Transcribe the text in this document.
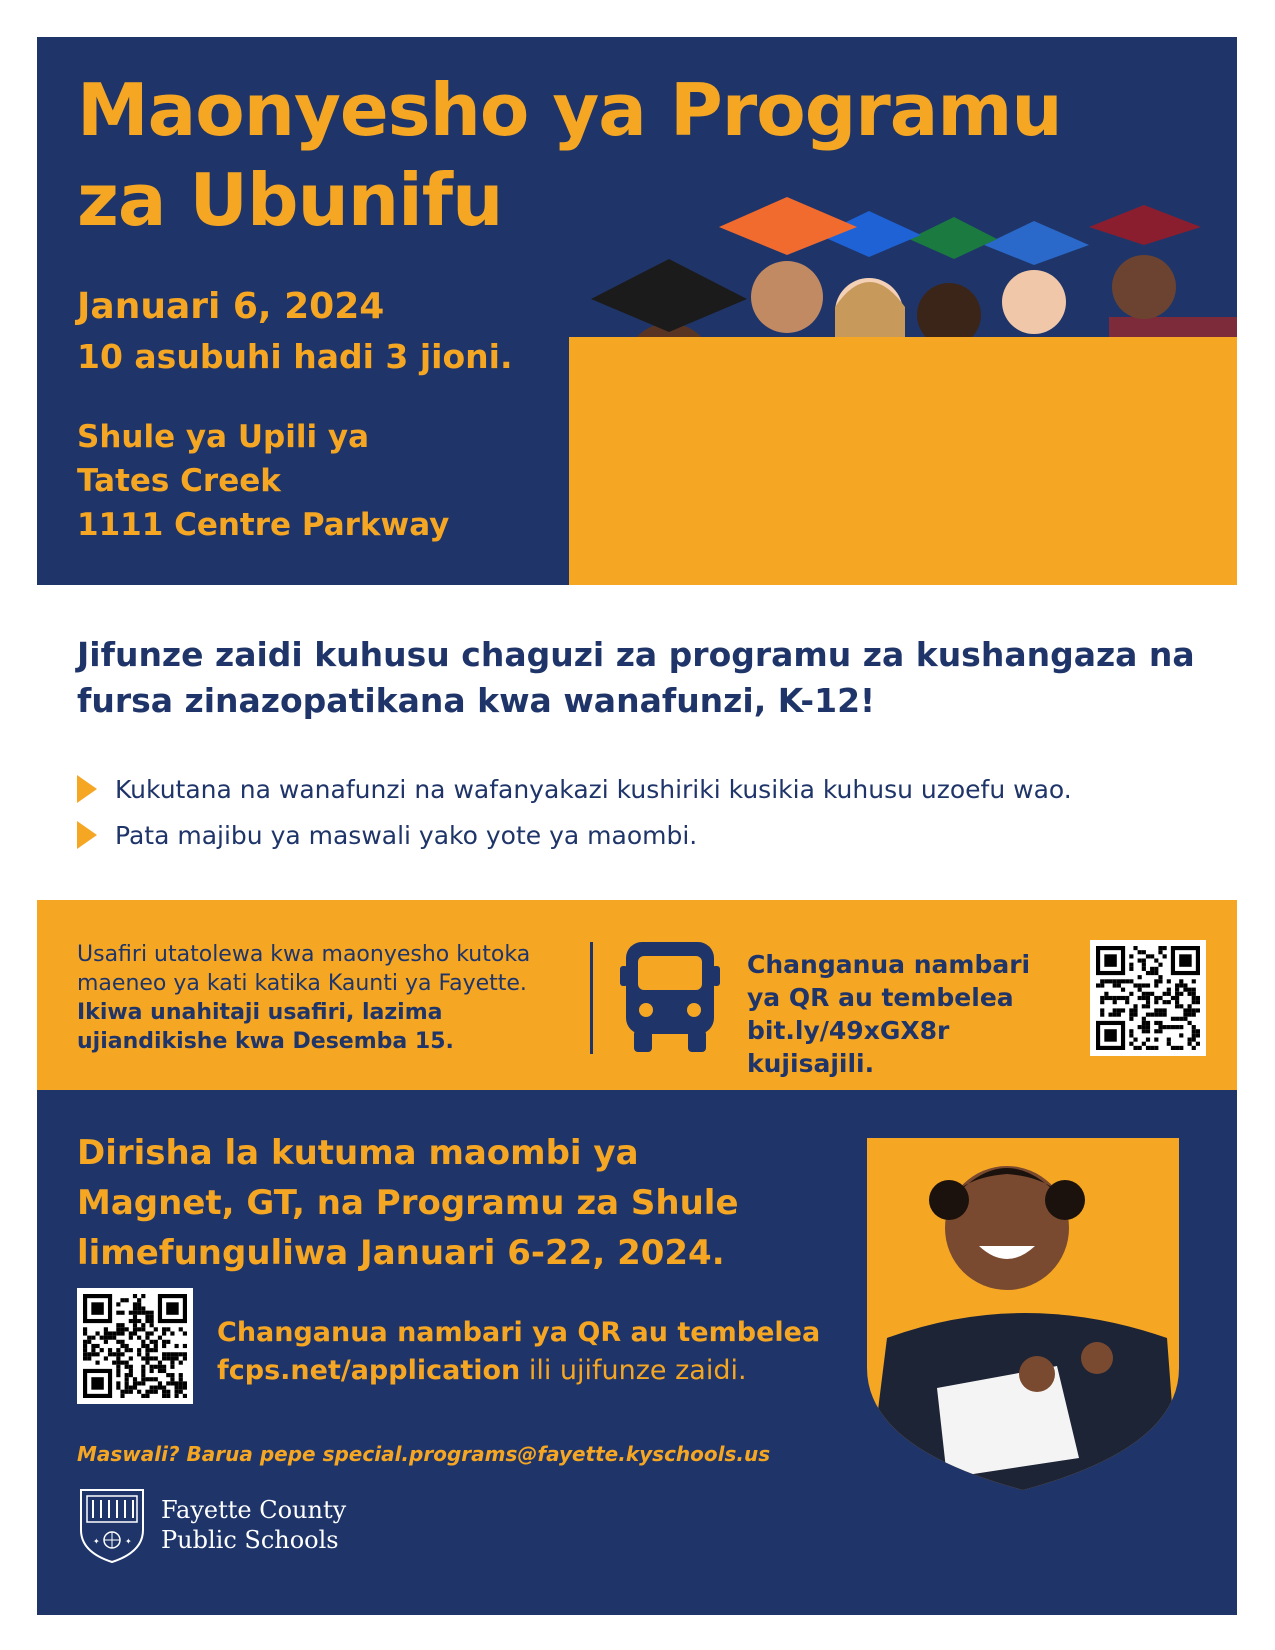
Maonyesho ya Programu
za Ubunifu
Januari 6, 2024
10 asubuhi hadi 3 jioni.
Shule ya Upili ya
Tates Creek
1111 Centre Parkway
Jifunze zaidi kuhusu chaguzi za programu za kushangaza na fursa zinazopatikana kwa wanafunzi, K-12!
Kukutana na wanafunzi na wafanyakazi kushiriki kusikia kuhusu uzoefu wao.
Pata majibu ya maswali yako yote ya maombi.
Usafiri utatolewa kwa maonyesho kutoka maeneo ya kati katika Kaunti ya Fayette. Ikiwa unahitaji usafiri, lazima ujiandikishe kwa Desemba 15.
Changanua nambari
ya QR au tembelea
bit.ly/49xGX8r kujisajili.
Dirisha la kutuma maombi ya
Magnet, GT, na Programu za Shule
limefunguliwa Januari 6-22, 2024.
Changanua nambari ya QR au tembelea
fcps.net/application ili ujifunze zaidi.
Maswali? Barua pepe special.programs@fayette.kyschools.us
✦	✦
Fayette County
Public Schools
